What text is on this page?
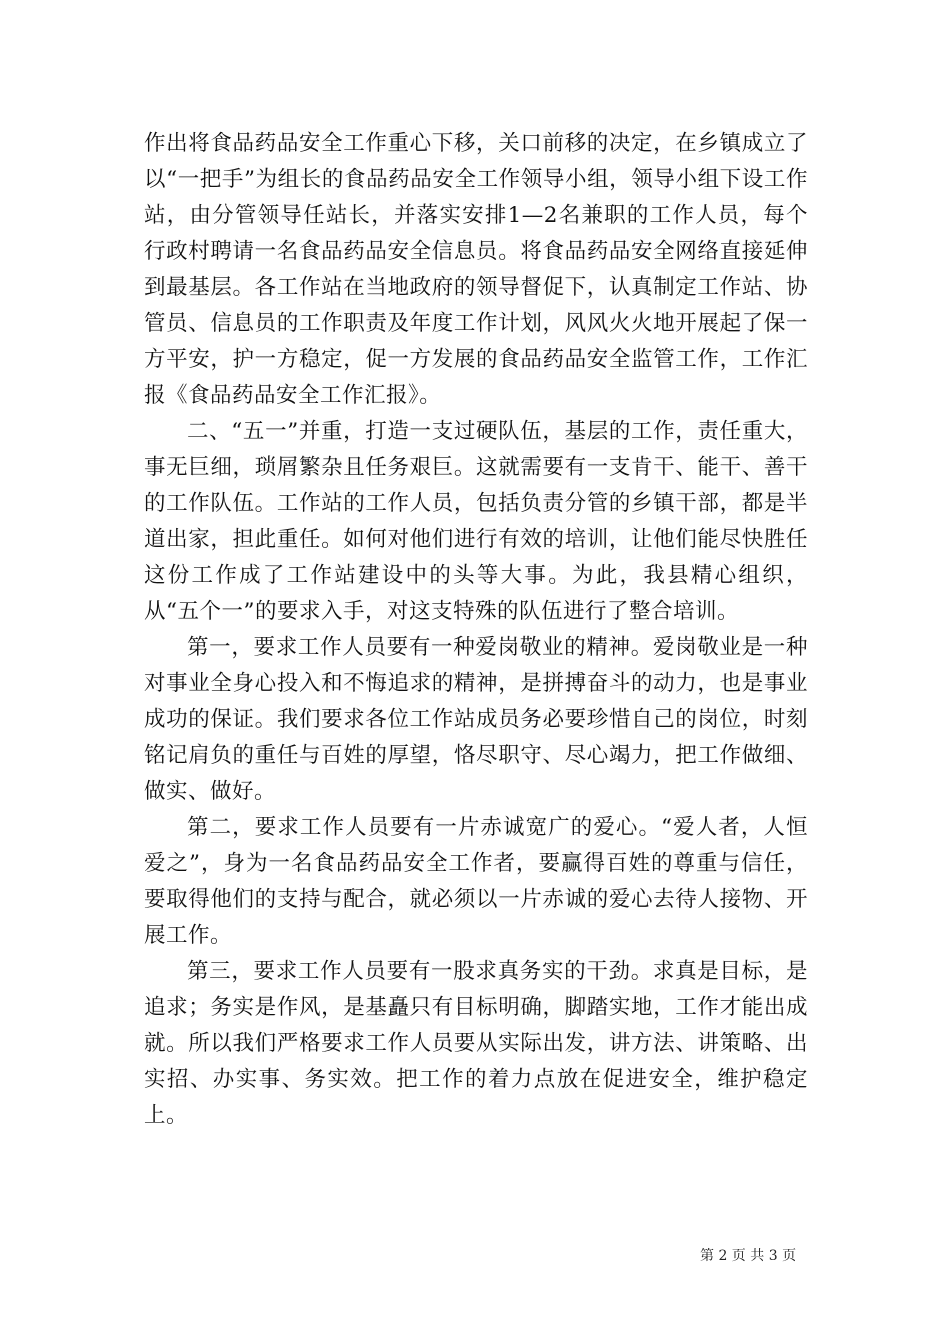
作出将食品药品安全工作重心下移，关口前移的决定，在乡镇成立了以“一把手”为组长的食品药品安全工作领导小组，领导小组下设工作站，由分管领导任站长，并落实安排1—2名兼职的工作人员，每个行政村聘请一名食品药品安全信息员。将食品药品安全网络直接延伸到最基层。各工作站在当地政府的领导督促下，认真制定工作站、协管员、信息员的工作职责及年度工作计划，风风火火地开展起了保一方平安，护一方稳定，促一方发展的食品药品安全监管工作，工作汇报《食品药品安全工作汇报》。

二、“五一”并重，打造一支过硬队伍，基层的工作，责任重大，事无巨细，琐屑繁杂且任务艰巨。这就需要有一支肯干、能干、善干的工作队伍。工作站的工作人员，包括负责分管的乡镇干部，都是半道出家，担此重任。如何对他们进行有效的培训，让他们能尽快胜任这份工作成了工作站建设中的头等大事。为此，我县精心组织，从“五个一”的要求入手，对这支特殊的队伍进行了整合培训。

第一，要求工作人员要有一种爱岗敬业的精神。爱岗敬业是一种对事业全身心投入和不悔追求的精神，是拼搏奋斗的动力，也是事业成功的保证。我们要求各位工作站成员务必要珍惜自己的岗位，时刻铭记肩负的重任与百姓的厚望，恪尽职守、尽心竭力，把工作做细、做实、做好。

第二，要求工作人员要有一片赤诚宽广的爱心。“爱人者，人恒爱之”，身为一名食品药品安全工作者，要赢得百姓的尊重与信任，要取得他们的支持与配合，就必须以一片赤诚的爱心去待人接物、开展工作。

第三，要求工作人员要有一股求真务实的干劲。求真是目标，是追求；务实是作风，是基矗只有目标明确，脚踏实地，工作才能出成就。所以我们严格要求工作人员要从实际出发，讲方法、讲策略、出实招、办实事、务实效。把工作的着力点放在促进安全，维护稳定上。

第 2 页 共 3 页
